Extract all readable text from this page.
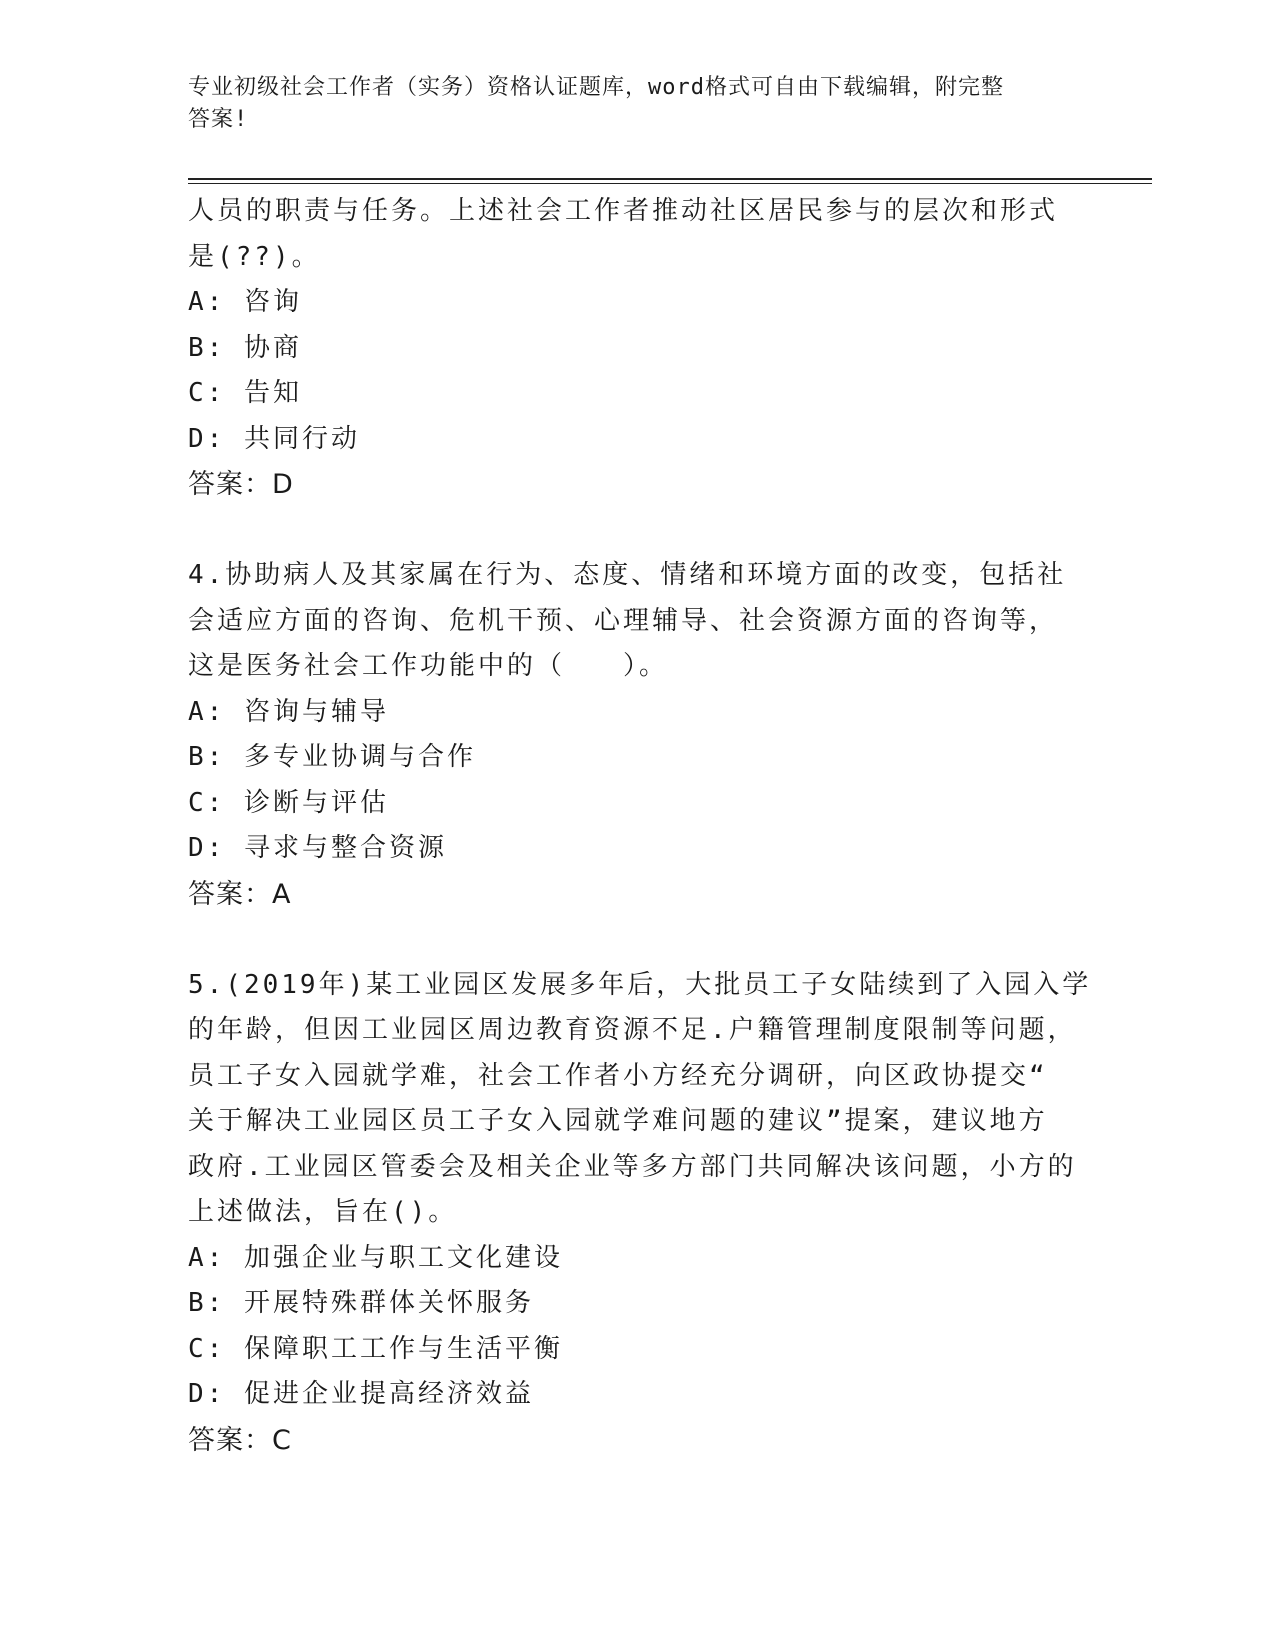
专业初级社会工作者（实务）资格认证题库，word格式可自由下载编辑，附完整
答案!
人员的职责与任务。上述社会工作者推动社区居民参与的层次和形式
是(??)。
A: 咨询
B: 协商
C: 告知
D: 共同行动
答案：D
4.协助病人及其家属在行为、态度、情绪和环境方面的改变，包括社
会适应方面的咨询、危机干预、心理辅导、社会资源方面的咨询等，
这是医务社会工作功能中的（　　）。
A: 咨询与辅导
B: 多专业协调与合作
C: 诊断与评估
D: 寻求与整合资源
答案：A
5.(2019年)某工业园区发展多年后，大批员工子女陆续到了入园入学
的年龄，但因工业园区周边教育资源不足.户籍管理制度限制等问题，
员工子女入园就学难，社会工作者小方经充分调研，向区政协提交“
关于解决工业园区员工子女入园就学难问题的建议”提案，建议地方
政府.工业园区管委会及相关企业等多方部门共同解决该问题，小方的
上述做法，旨在()。
A: 加强企业与职工文化建设
B: 开展特殊群体关怀服务
C: 保障职工工作与生活平衡
D: 促进企业提高经济效益
答案：C
